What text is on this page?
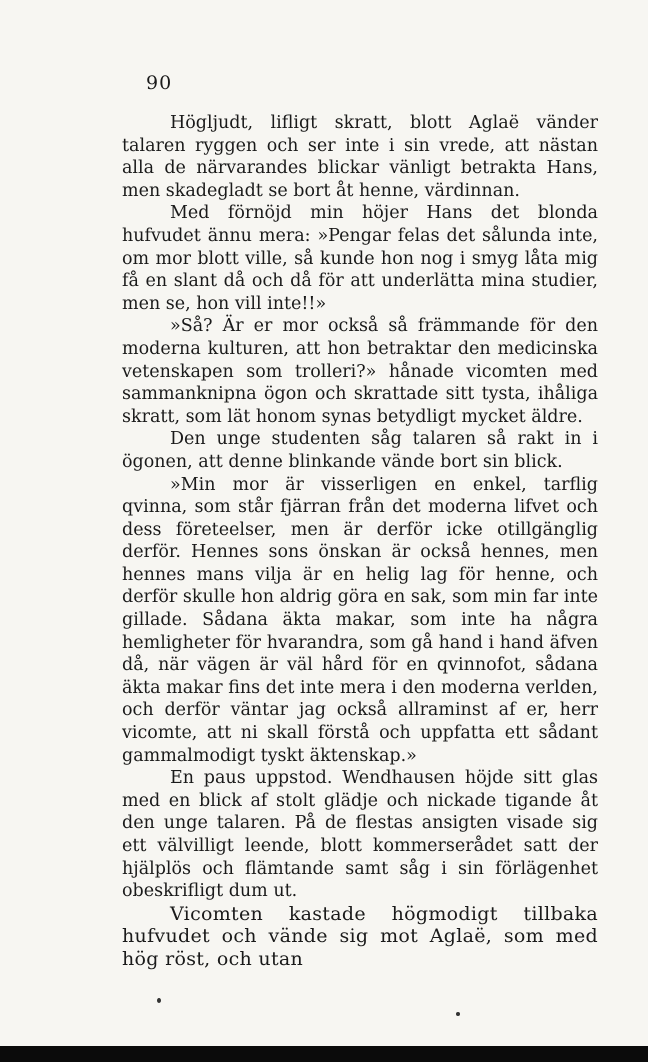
90

Högljudt, lifligt skratt, blott Aglaë vänder talaren ryggen och ser inte i sin vrede, att nästan alla de närvarandes blickar vänligt betrakta Hans, men skadegladt se bort åt henne, värdinnan.

Med förnöjd min höjer Hans det blonda hufvudet ännu mera: »Pengar felas det sålunda inte, om mor blott ville, så kunde hon nog i smyg låta mig få en slant då och då för att underlätta mina studier, men se, hon vill inte!!»

»Så? Är er mor också så främmande för den moderna kulturen, att hon betraktar den medicinska vetenskapen som trolleri?» hånade vicomten med sammanknipna ögon och skrattade sitt tysta, ihåliga skratt, som lät honom synas betydligt mycket äldre.

Den unge studenten såg talaren så rakt in i ögonen, att denne blinkande vände bort sin blick.

»Min mor är visserligen en enkel, tarflig qvinna, som står fjärran från det moderna lifvet och dess företeelser, men är derför icke otillgänglig derför. Hennes sons önskan är också hennes, men hennes mans vilja är en helig lag för henne, och derför skulle hon aldrig göra en sak, som min far inte gillade. Sådana äkta makar, som inte ha några hemligheter för hvarandra, som gå hand i hand äfven då, när vägen är väl hård för en qvinnofot, sådana äkta makar fins det inte mera i den moderna verlden, och derför väntar jag också allraminst af er, herr vicomte, att ni skall förstå och uppfatta ett sådant gammalmodigt tyskt äktenskap.»

En paus uppstod. Wendhausen höjde sitt glas med en blick af stolt glädje och nickade tigande åt den unge talaren. På de flestas ansigten visade sig ett välvilligt leende, blott kommerserådet satt der hjälplös och flämtande samt såg i sin förlägenhet obeskrifligt dum ut.

Vicomten kastade högmodigt tillbaka hufvudet och vände sig mot Aglaë, som med hög röst, och utan
